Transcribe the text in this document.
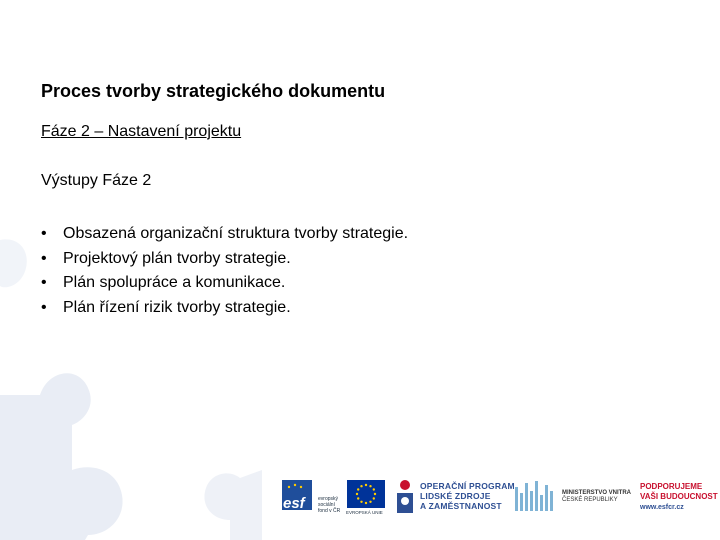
Proces tvorby strategického dokumentu
Fáze 2 – Nastavení projektu
Výstupy Fáze 2
• Obsazená organizační struktura tvorby strategie.
• Projektový plán tvorby strategie.
• Plán spolupráce a komunikace.
• Plán řízení rizik tvorby strategie.
esf	evropský
sociální
fond v ČR EVROPSKÁ UNIE
OPERAČNÍ PROGRAM
LIDSKÉ ZDROJE
A ZAMĚSTNANOST
MINISTERSTVO VNITRA
ČESKÉ REPUBLIKY
PODPORUJEME
VAŠI BUDOUCNOST
www.esfcr.cz
